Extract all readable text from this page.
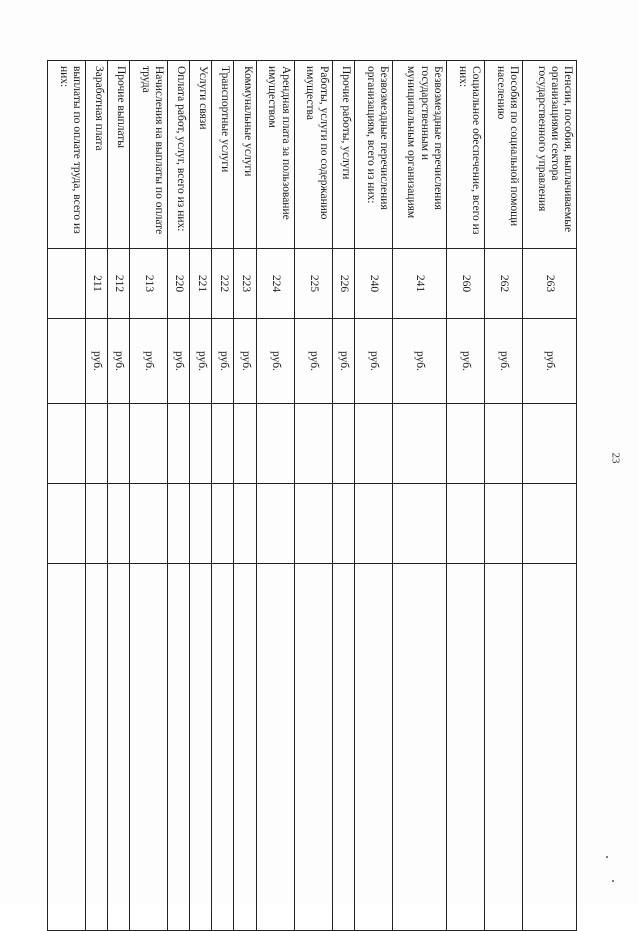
23
Пенсии, пособия, выплачиваемые организациями сектора государственного управления	263	руб.			
Пособия по социальной помощи населению	262	руб.			
Социальное обеспечение, всего из них:	260	руб.			
Безвозмездные перечисления государственным и муниципальным организациям	241	руб.			
Безвозмездные перечисления организациям, всего из них:	240	руб.			
Прочие работы, услуги	226	руб.			
Работы, услуги по содержанию имущества	225	руб.			
Арендная плата за пользование имуществом	224	руб.			
Коммунальные услуги	223	руб.			
Транспортные услуги	222	руб.			
Услуги связи	221	руб.			
Оплата работ, услуг, всего из них:	220	руб.			
Начисления на выплаты по оплате труда	213	руб.			
Прочие выплаты	212	руб.			
Заработная плата	211	руб.			
выплаты по оплате труда, всего из них:					
